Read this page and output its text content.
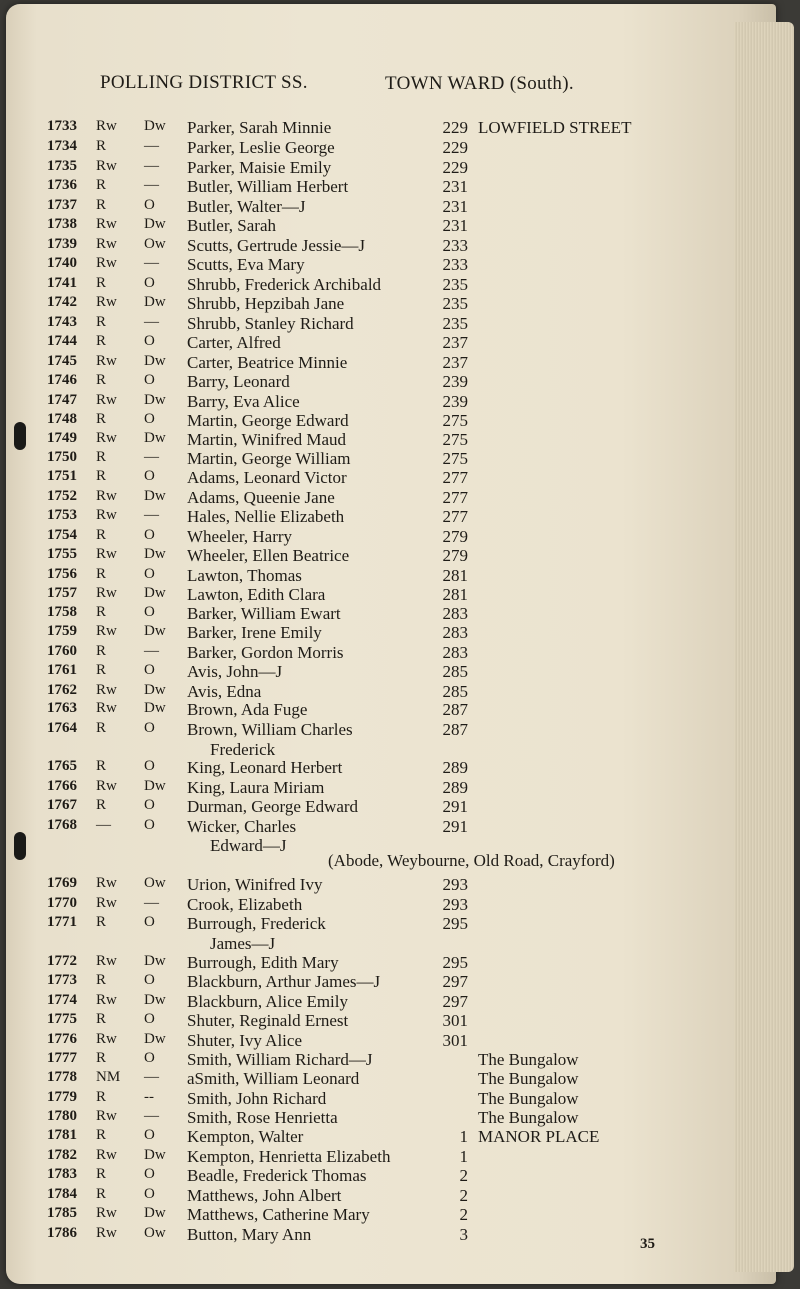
POLLING DISTRICT SS.	TOWN WARD (South).
1733	Rw Dw Parker, Sarah Minnie	229 LOWFIELD STREET
1734	R	— Parker, Leslie George	229
1735	Rw — Parker, Maisie Emily	229
1736	R	— Butler, William Herbert	231
1737	R	O Butler, Walter—J	231
1738	Rw Dw Butler, Sarah	231
1739	Rw Ow Scutts, Gertrude Jessie—J	233
1740	Rw — Scutts, Eva Mary	233
1741	R	O Shrubb, Frederick Archibald	235
1742	Rw Dw Shrubb, Hepzibah Jane	235
1743	R	— Shrubb, Stanley Richard	235
1744	R	O Carter, Alfred	237
1745	Rw Dw Carter, Beatrice Minnie	237
1746	R	O Barry, Leonard	239
1747	Rw Dw Barry, Eva Alice	239
1748	R	O Martin, George Edward	275
1749	Rw Dw Martin, Winifred Maud	275
1750	R	— Martin, George William	275
1751	R	O Adams, Leonard Victor	277
1752	Rw Dw Adams, Queenie Jane	277
1753	Rw — Hales, Nellie Elizabeth	277
1754	R	O Wheeler, Harry	279
1755	Rw Dw Wheeler, Ellen Beatrice	279
1756	R	O Lawton, Thomas	281
1757	Rw Dw Lawton, Edith Clara	281
1758	R	O Barker, William Ewart	283
1759	Rw Dw Barker, Irene Emily	283
1760	R	— Barker, Gordon Morris	283
1761	R	O Avis, John—J	285
1762	Rw Dw Avis, Edna	285
1763	Rw Dw Brown, Ada Fuge	287
1764	R	O Brown, William Charles	287
Frederick
1765	R	O King, Leonard Herbert	289
1766	Rw Dw King, Laura Miriam	289
1767	R	O Durman, George Edward	291
1768	— O Wicker, Charles	291
Edward—J
(Abode, Weybourne, Old Road, Crayford)
1769	Rw Ow Urion, Winifred Ivy	293
1770	Rw — Crook, Elizabeth	293
1771	R	O Burrough, Frederick	295
James—J
1772	Rw Dw Burrough, Edith Mary	295
1773	R	O Blackburn, Arthur James—J	297
1774	Rw Dw Blackburn, Alice Emily	297
1775	R	O Shuter, Reginald Ernest	301
1776	Rw Dw Shuter, Ivy Alice	301
1777	R	O Smith, William Richard—J	The Bungalow
1778	NM — aSmith, William Leonard	The Bungalow
1779	R	-- Smith, John Richard	The Bungalow
1780	Rw — Smith, Rose Henrietta	The Bungalow
1781	R	O Kempton, Walter	1 MANOR PLACE
1782	Rw Dw Kempton, Henrietta Elizabeth	1
1783	R	O Beadle, Frederick Thomas	2
1784	R	O Matthews, John Albert	2
1785	Rw Dw Matthews, Catherine Mary	2
1786	Rw Ow Button, Mary Ann	3	35
